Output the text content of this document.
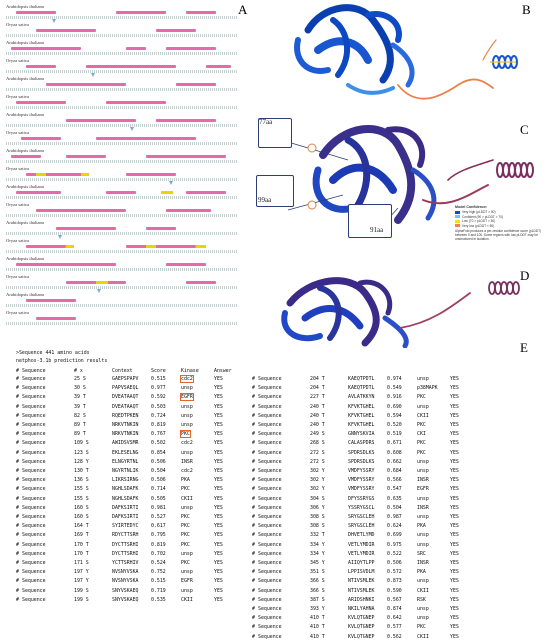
Arabidopsis thaliana
Oryza sativa
Arabidopsis thaliana
Oryza sativa
Arabidopsis thaliana
Oryza sativa
Arabidopsis thaliana
Oryza sativa
Arabidopsis thaliana
Oryza sativa
Arabidopsis thaliana
Oryza sativa
Arabidopsis thaliana
Oryza sativa
Arabidopsis thaliana
Oryza sativa
Arabidopsis thaliana
Oryza sativa
A	B
C
77aa
99aa
91aa
Model Confidence:
Very high (pLDDT > 90)
Confident (90 > pLDDT > 70)
Low (70 > pLDDT > 50)
Very low (pLDDT < 50)
AlphaFold produces a per-residue confidence score (pLDDT) between 0 and 100. Some regions with low pLDDT may be unstructured in isolation.
D
E
>Sequence 441 amino acids
netphos-3.1b prediction results
# Sequence	# x	Context	Score	Kinase	Answer
# Sequence	25 S	GAEPSPAPV	0.515	cdc2	YES
# Sequence	30 S	PAPVSAEQL	0.977	unsp	YES
# Sequence	39 T	DVEATAAQT	0.592	EGFR	YES
# Sequence	39 T	DVEATAAQT	0.503	unsp	YES
# Sequence	82 S	RQEDTPKEN	0.724	unsp	YES
# Sequence	89 T	NRKVTNKIN	0.819	unsp	YES
# Sequence	89 T	NRKVTNKIN	0.767	PKC	YES
# Sequence	109 S	AWIDSVSMR	0.502	cdc2	YES
# Sequence	123 S	EKLESELNG	0.854	unsp	YES
# Sequence	128 Y	ELNGYRTNL	0.506	INSR	YES
# Sequence	130 T	NGYRTNLIK	0.504	cdc2	YES
# Sequence	136 S	LIKRSIRNG	0.506	PKA	YES
# Sequence	155 S	NGHLSDAFK	0.714	PKC	YES
# Sequence	155 S	NGHLSDAFK	0.505	CKII	YES
# Sequence	160 S	DAFKSIRTI	0.981	unsp	YES
# Sequence	160 S	DAFKSIRTI	0.527	PKC	YES
# Sequence	164 T	SYIRTEDYC	0.617	PKC	YES
# Sequence	169 T	RDYCTTSRH	0.795	PKC	YES
# Sequence	170 T	DYCTTSRHI	0.819	PKC	YES
# Sequence	170 T	DYCTTSRHI	0.702	unsp	YES
# Sequence	171 S	YCTTSRHIV	0.524	PKC	YES
# Sequence	197 Y	NVSNYVSKA	0.752	unsp	YES
# Sequence	197 Y	NVSNYVSKA	0.515	EGFR	YES
# Sequence	199 S	SNYVSKAEQ	0.719	unsp	YES
# Sequence	199 S	SNYVSKAEQ	0.535	CKII	YES
# Sequence	204 T	KAEQTPDTL	0.974	unsp	YES
# Sequence	204 T	KAEQTPDTL	0.549	p38MAPK	YES
# Sequence	227 T	AVLATKKYN	0.916	PKC	YES
# Sequence	240 T	KFVKTGHEL	0.690	unsp	YES
# Sequence	240 T	KFVKTGHEL	0.594	CKII	YES
# Sequence	240 T	KFVKTGHEL	0.520	PKC	YES
# Sequence	249 S	GNNYSKVIA	0.519	CKI	YES
# Sequence	268 S	CALASPDRS	0.671	PKC	YES
# Sequence	272 S	SPDRSDLKS	0.608	PKC	YES
# Sequence	272 S	SPDRSDLKS	0.662	unsp	YES
# Sequence	302 Y	VMDFYSSRY	0.684	unsp	YES
# Sequence	302 Y	VMDFYSSRY	0.566	INSR	YES
# Sequence	302 Y	VMDFYSSRY	0.547	EGFR	YES
# Sequence	304 S	DFYSSRYGS	0.635	unsp	YES
# Sequence	306 Y	YSSRYGSCL	0.504	INSR	YES
# Sequence	308 S	SRYGSCLEH	0.987	unsp	YES
# Sequence	308 S	SRYGSCLEH	0.624	PKA	YES
# Sequence	332 T	DHVETLYMD	0.699	unsp	YES
# Sequence	334 Y	VETLYMDIR	0.975	unsp	YES
# Sequence	334 Y	VETLYMDIR	0.522	SRC	YES
# Sequence	345 Y	AIIQYTLPP	0.506	INSR	YES
# Sequence	351 S	LPPISVDLM	0.572	PKA	YES
# Sequence	366 S	NTIVSMLEK	0.873	unsp	YES
# Sequence	366 S	NTIVSMLEK	0.590	CKII	YES
# Sequence	387 S	ARIDSHNKI	0.567	RSK	YES
# Sequence	393 Y	NKILYAHNA	0.874	unsp	YES
# Sequence	410 T	KVLQTGNEP	0.642	unsp	YES
# Sequence	410 T	KVLQTGNEP	0.577	PKC	YES
# Sequence	410 T	KVLQTGNEP	0.562	CKII	YES
